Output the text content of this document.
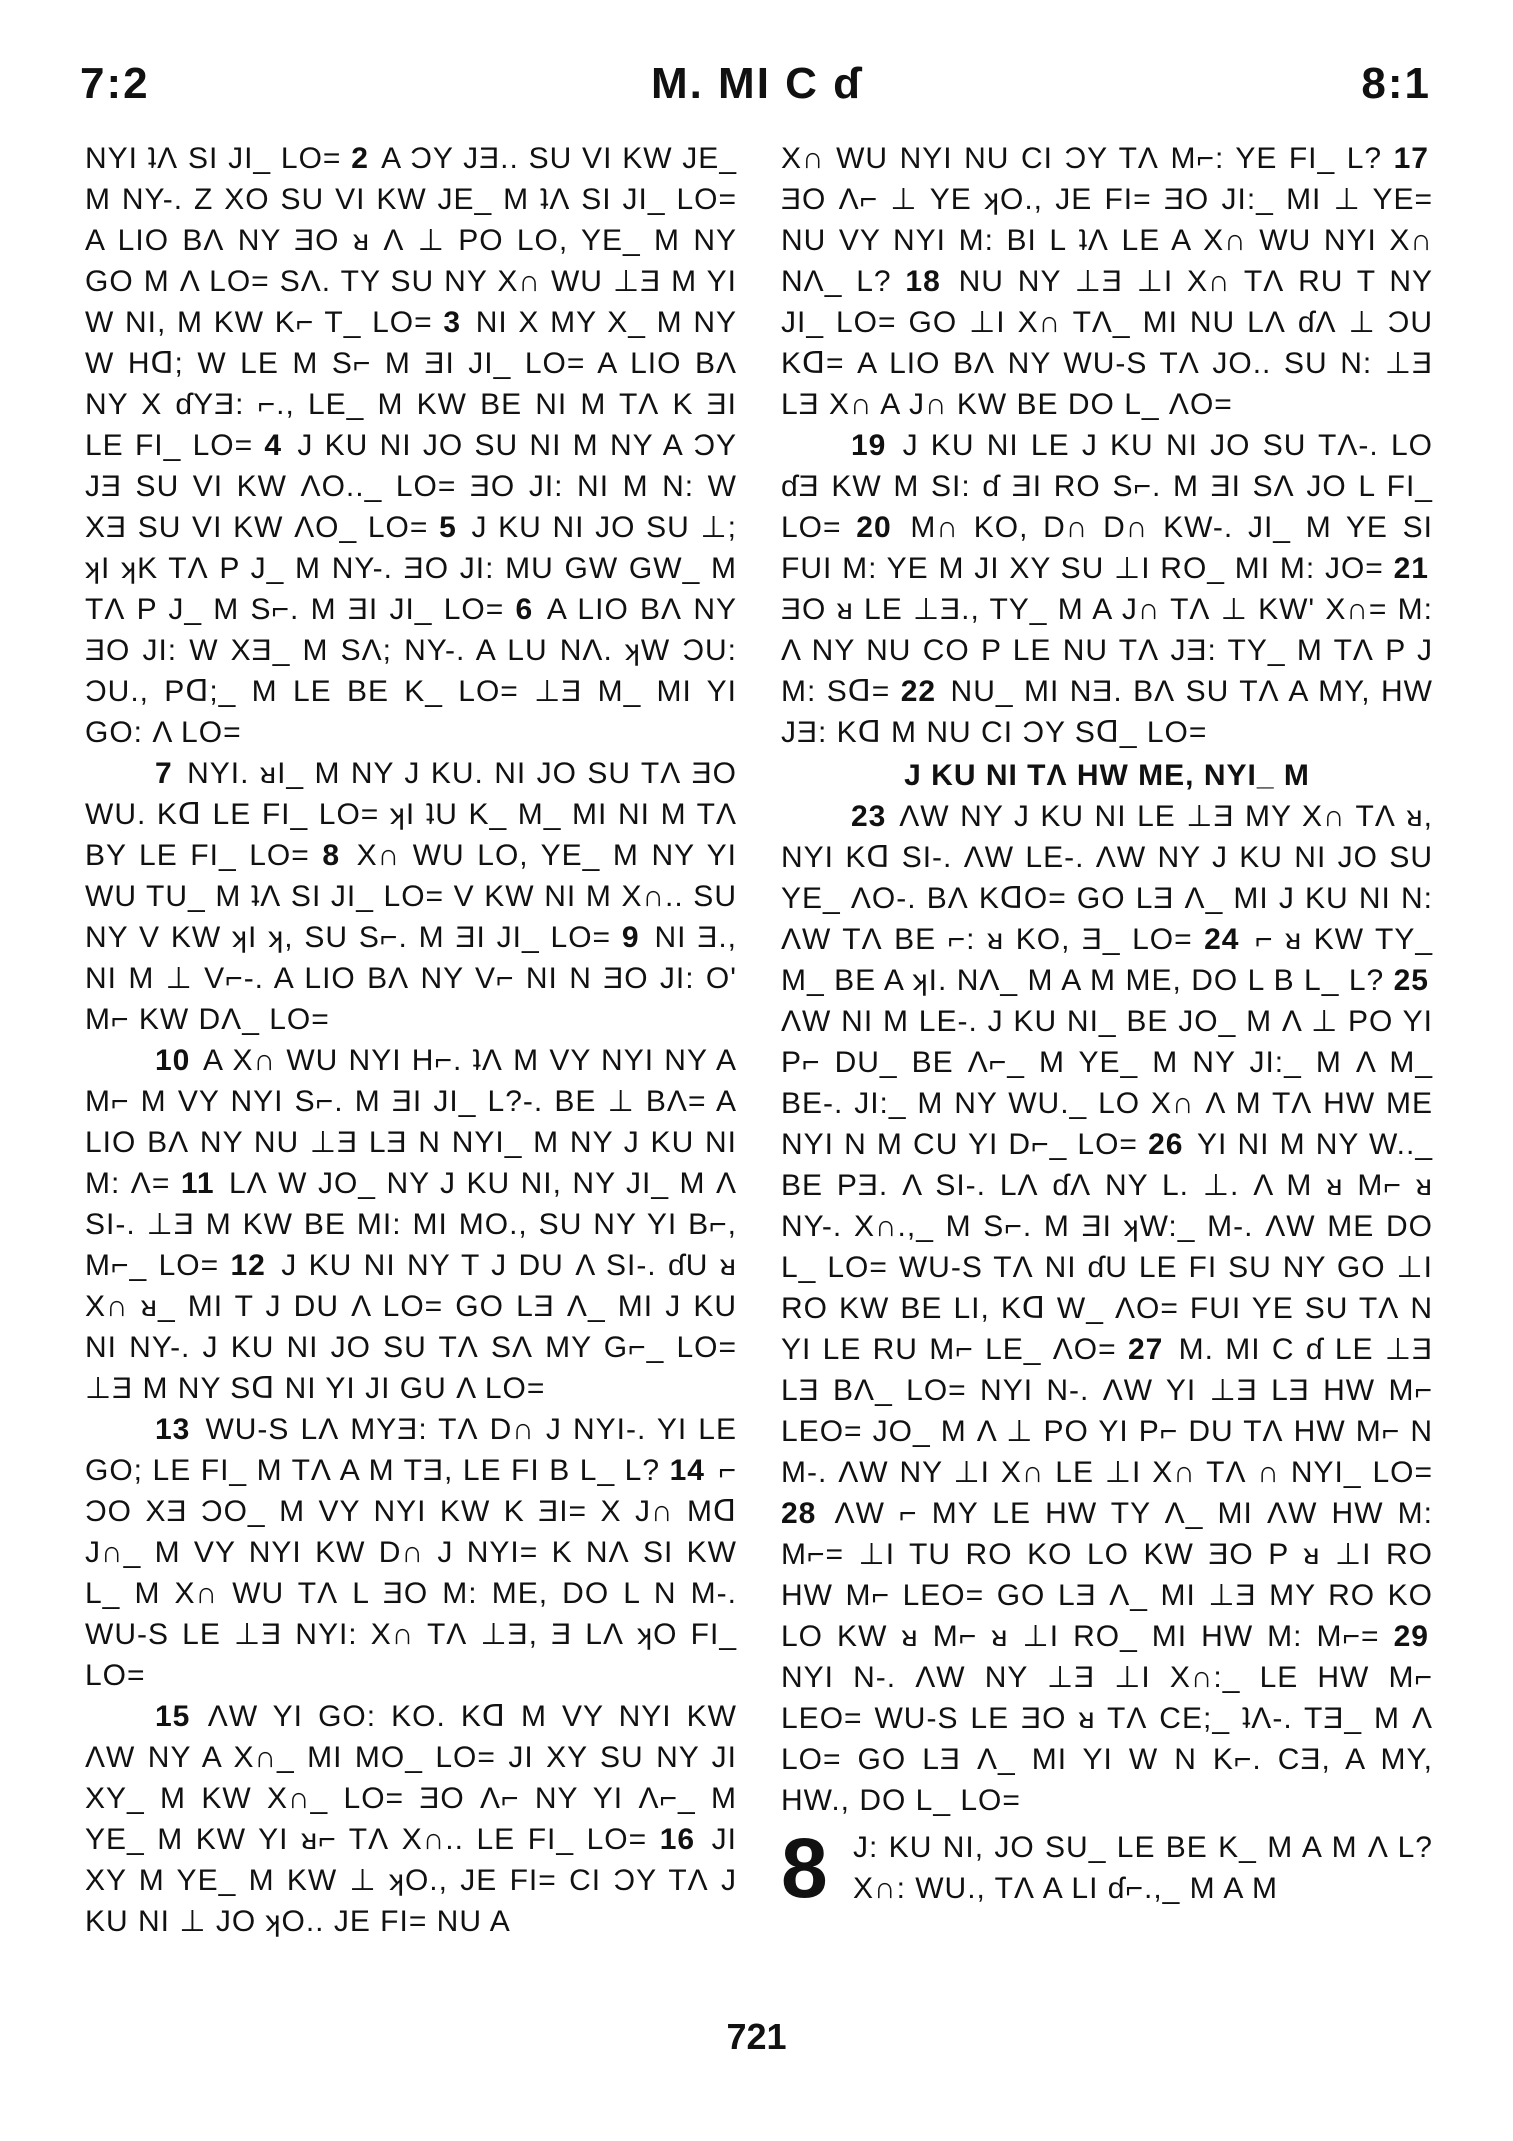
7:2	M. MI C ɗ	8:1
NYI ʇɅ SI JI_ LO= 2 A ƆY JƎ.. SU VI KW JE_ M NY-. Z XO SU VI KW JE_ M ʇɅ SI JI_ LO= A LIO BɅ NY ƎO ᴚ Ʌ ⊥ PO LO, YE_ M NY GO M Λ LO= SɅ. TY SU NY X∩ WU ⊥Ǝ M YI W NI, M KW K⌐ T_ LO= 3 NI X MY X_ M NY W Hᗡ; W LE M S⌐ M ƎI JI_ LO= A LIO BɅ NY X ɗYƎ: ⌐., LE_ M KW BE NI M TɅ K ƎI LE FI_ LO= 4 J KU NI JO SU NI M NY A ƆY JƎ SU VI KW ΛO.._ LO= ƎO JI: NI M N: W XƎ SU VI KW ΛO_ LO= 5 J KU NI JO SU ⊥; ʞI ʞK TɅ P J_ M NY-. ƎO JI: MU GW GW_ M TɅ P J_ M S⌐. M ƎI JI_ LO= 6 A LIO BɅ NY ƎO JI: W XƎ_ M SɅ; NY-. A LU NɅ. ʞW ƆU: ƆU., Pᗡ;_ M LE BE K_ LO= ⊥Ǝ M_ MI YI GO: Λ LO=
7 NYI. ᴚI_ M NY J KU. NI JO SU TɅ ƎO WU. Kᗡ LE FI_ LO= ʞI ʇU K_ M_ MI NI M TɅ BY LE FI_ LO= 8 X∩ WU LO, YE_ M NY YI WU TU_ M ʇɅ SI JI_ LO= V KW NI M X∩.. SU NY V KW ʞI ʞ, SU S⌐. M ƎI JI_ LO= 9 NI Ǝ., NI M ⊥ V⌐-. A LIO BɅ NY V⌐ NI N ƎO JI: O' M⌐ KW DɅ_ LO=
10 A X∩ WU NYI H⌐. ʇɅ M VY NYI NY A M⌐ M VY NYI S⌐. M ƎI JI_ L?-. BE ⊥ BɅ= A LIO BɅ NY NU ⊥Ǝ LƎ N NYI_ M NY J KU NI M: Λ= 11 LɅ W JO_ NY J KU NI, NY JI_ M Λ SI-. ⊥Ǝ M KW BE MI: MI MO., SU NY YI B⌐, M⌐_ LO= 12 J KU NI NY T J DU Λ SI-. ɗU ᴚ X∩ ᴚ_ MI T J DU Λ LO= GO LƎ Λ_ MI J KU NI NY-. J KU NI JO SU TɅ SɅ MY G⌐_ LO= ⊥Ǝ M NY Sᗡ NI YI JI GU Λ LO=
13 WU-S LɅ MYƎ: TɅ D∩ J NYI-. YI LE GO; LE FI_ M TɅ A M TƎ, LE FI B L_ L? 14 ⌐ ƆO XƎ ƆO_ M VY NYI KW K ƎI= X J∩ Mᗡ J∩_ M VY NYI KW D∩ J NYI= K NɅ SI KW L_ M X∩ WU TɅ L ƎO M: ME, DO L N M-. WU-S LE ⊥Ǝ NYI: X∩ TɅ ⊥Ǝ, Ǝ LɅ ʞO FI_ LO=
15 ΛW YI GO: KO. Kᗡ M VY NYI KW ΛW NY A X∩_ MI MO_ LO= JI XY SU NY JI XY_ M KW X∩_ LO= ƎO Λ⌐ NY YI Λ⌐_ M YE_ M KW YI ᴚ⌐ TɅ X∩.. LE FI_ LO= 16 JI XY M YE_ M KW ⊥ ʞO., JE FI= CI ƆY TɅ J KU NI ⊥ JO ʞO.. JE FI= NU A
X∩ WU NYI NU CI ƆY TɅ M⌐: YE FI_ L? 17 ƎO Λ⌐ ⊥ YE ʞO., JE FI= ƎO JI:_ MI ⊥ YE= NU VY NYI M: BI L ʇɅ LE A X∩ WU NYI X∩ NɅ_ L? 18 NU NY ⊥Ǝ ⊥I X∩ TɅ RU T NY JI_ LO= GO ⊥I X∩ TɅ_ MI NU LɅ ɗɅ ⊥ ƆU Kᗡ= A LIO BɅ NY WU-S TɅ JO.. SU N: ⊥Ǝ LƎ X∩ A J∩ KW BE DO L_ ΛO=
19 J KU NI LE J KU NI JO SU TɅ-. LO ɗƎ KW M SI: ɗ ƎI RO S⌐. M ƎI SɅ JO L FI_ LO= 20 M∩ KO, D∩ D∩ KW-. JI_ M YE SI FUI M: YE M JI XY SU ⊥I RO_ MI M: JO= 21 ƎO ᴚ LE ⊥Ǝ., TY_ M A J∩ TɅ ⊥ KW' X∩= M: Λ NY NU CO P LE NU TɅ JƎ: TY_ M TɅ P J M: Sᗡ= 22 NU_ MI NƎ. BɅ SU TɅ A MY, HW JƎ: Kᗡ M NU CI ƆY Sᗡ_ LO=
J KU NI TɅ HW ME, NYI_ M
23 ΛW NY J KU NI LE ⊥Ǝ MY X∩ TɅ ᴚ, NYI Kᗡ SI-. ΛW LE-. ΛW NY J KU NI JO SU YE_ ΛO-. BɅ KᗡO= GO LƎ Λ_ MI J KU NI N: ΛW TɅ BE ⌐: ᴚ KO, Ǝ_ LO= 24 ⌐ ᴚ KW TY_ M_ BE A ʞI. NɅ_ M A M ME, DO L B L_ L? 25 ΛW NI M LE-. J KU NI_ BE JO_ M Λ ⊥ PO YI P⌐ DU_ BE Λ⌐_ M YE_ M NY JI:_ M Λ M_ BE-. JI:_ M NY WU._ LO X∩ Λ M TɅ HW ME NYI N M CU YI D⌐_ LO= 26 YI NI M NY W.._ BE PƎ. Λ SI-. LɅ ɗɅ NY L. ⊥. Λ M ᴚ M⌐ ᴚ NY-. X∩.,_ M S⌐. M ƎI ʞW:_ M-. ΛW ME DO L_ LO= WU-S TɅ NI ɗU LE FI SU NY GO ⊥I RO KW BE LI, Kᗡ W_ ΛO= FUI YE SU TɅ N YI LE RU M⌐ LE_ ΛO= 27 M. MI C ɗ LE ⊥Ǝ LƎ BɅ_ LO= NYI N-. ΛW YI ⊥Ǝ LƎ HW M⌐ LEO= JO_ M Λ ⊥ PO YI P⌐ DU TɅ HW M⌐ N M-. ΛW NY ⊥I X∩ LE ⊥I X∩ TɅ ∩ NYI_ LO= 28 ΛW ⌐ MY LE HW TY Λ_ MI ΛW HW M: M⌐= ⊥I TU RO KO LO KW ƎO P ᴚ ⊥I RO HW M⌐ LEO= GO LƎ Λ_ MI ⊥Ǝ MY RO KO LO KW ᴚ M⌐ ᴚ ⊥I RO_ MI HW M: M⌐= 29 NYI N-. ΛW NY ⊥Ǝ ⊥I X∩:_ LE HW M⌐ LEO= WU-S LE ƎO ᴚ TɅ CE;_ ʇɅ-. TƎ_ M Λ LO= GO LƎ Λ_ MI YI W N K⌐. CƎ, A MY, HW., DO L_ LO=
8 J: KU NI, JO SU_ LE BE K_ M A M Λ L? X∩: WU., TɅ A LI ɗ⌐.,_ M A M
721
